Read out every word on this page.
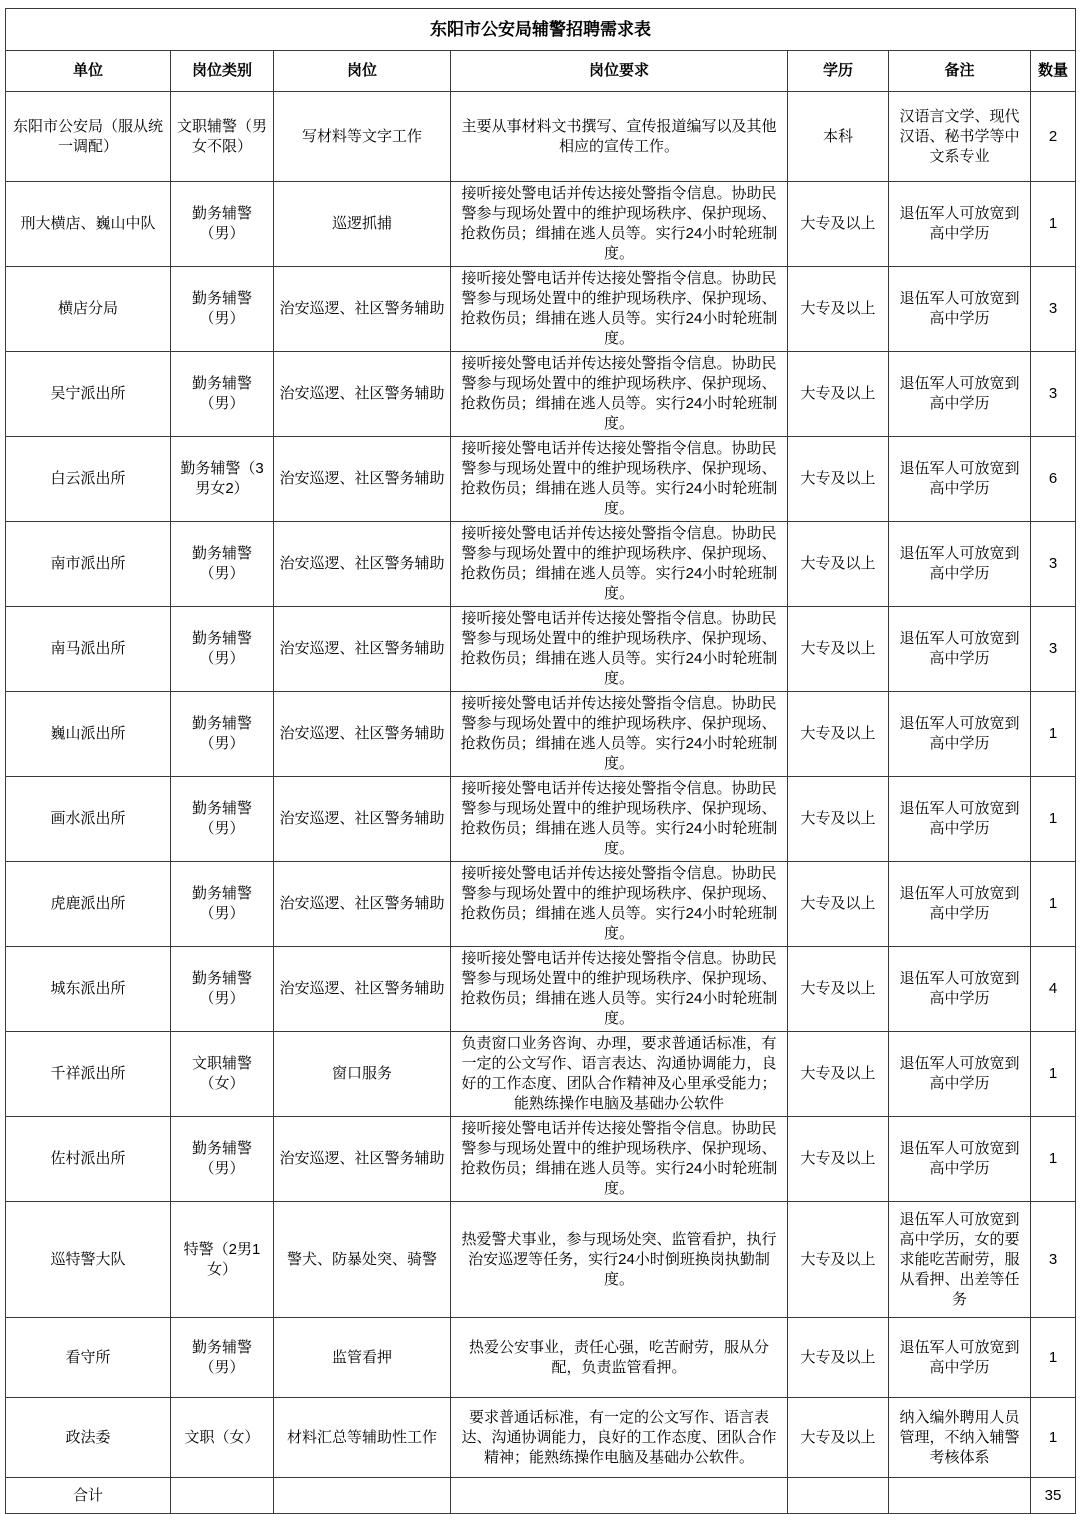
东阳市公安局辅警招聘需求表						
单位	岗位类别	岗位	岗位要求	学历	备注	数量

东阳市公安局（服从统一调配）	文职辅警（男女不限）	写材料等文字工作	主要从事材料文书撰写、宣传报道编写以及其他相应的宣传工作。	本科	汉语言文学、现代汉语、秘书学等中文系专业	2

刑大横店、巍山中队	勤务辅警（男）	巡逻抓捕	接听接处警电话并传达接处警指令信息。协助民警参与现场处置中的维护现场秩序、保护现场、抢救伤员；缉捕在逃人员等。实行24小时轮班制度。	大专及以上	退伍军人可放宽到高中学历	1

横店分局	勤务辅警（男）	治安巡逻、社区警务辅助	接听接处警电话并传达接处警指令信息。协助民警参与现场处置中的维护现场秩序、保护现场、抢救伤员；缉捕在逃人员等。实行24小时轮班制度。	大专及以上	退伍军人可放宽到高中学历	3

吴宁派出所	勤务辅警（男）	治安巡逻、社区警务辅助	接听接处警电话并传达接处警指令信息。协助民警参与现场处置中的维护现场秩序、保护现场、抢救伤员；缉捕在逃人员等。实行24小时轮班制度。	大专及以上	退伍军人可放宽到高中学历	3

白云派出所	勤务辅警（3男女2）	治安巡逻、社区警务辅助	接听接处警电话并传达接处警指令信息。协助民警参与现场处置中的维护现场秩序、保护现场、抢救伤员；缉捕在逃人员等。实行24小时轮班制度。	大专及以上	退伍军人可放宽到高中学历	6

南市派出所	勤务辅警（男）	治安巡逻、社区警务辅助	接听接处警电话并传达接处警指令信息。协助民警参与现场处置中的维护现场秩序、保护现场、抢救伤员；缉捕在逃人员等。实行24小时轮班制度。	大专及以上	退伍军人可放宽到高中学历	3

南马派出所	勤务辅警（男）	治安巡逻、社区警务辅助	接听接处警电话并传达接处警指令信息。协助民警参与现场处置中的维护现场秩序、保护现场、抢救伤员；缉捕在逃人员等。实行24小时轮班制度。	大专及以上	退伍军人可放宽到高中学历	3

巍山派出所	勤务辅警（男）	治安巡逻、社区警务辅助	接听接处警电话并传达接处警指令信息。协助民警参与现场处置中的维护现场秩序、保护现场、抢救伤员；缉捕在逃人员等。实行24小时轮班制度。	大专及以上	退伍军人可放宽到高中学历	1

画水派出所	勤务辅警（男）	治安巡逻、社区警务辅助	接听接处警电话并传达接处警指令信息。协助民警参与现场处置中的维护现场秩序、保护现场、抢救伤员；缉捕在逃人员等。实行24小时轮班制度。	大专及以上	退伍军人可放宽到高中学历	1

虎鹿派出所	勤务辅警（男）	治安巡逻、社区警务辅助	接听接处警电话并传达接处警指令信息。协助民警参与现场处置中的维护现场秩序、保护现场、抢救伤员；缉捕在逃人员等。实行24小时轮班制度。	大专及以上	退伍军人可放宽到高中学历	1

城东派出所	勤务辅警（男）	治安巡逻、社区警务辅助	接听接处警电话并传达接处警指令信息。协助民警参与现场处置中的维护现场秩序、保护现场、抢救伤员；缉捕在逃人员等。实行24小时轮班制度。	大专及以上	退伍军人可放宽到高中学历	4

千祥派出所	文职辅警（女）	窗口服务	负责窗口业务咨询、办理，要求普通话标准，有一定的公文写作、语言表达、沟通协调能力，良好的工作态度、团队合作精神及心里承受能力；能熟练操作电脑及基础办公软件	大专及以上	退伍军人可放宽到高中学历	1

佐村派出所	勤务辅警（男）	治安巡逻、社区警务辅助	接听接处警电话并传达接处警指令信息。协助民警参与现场处置中的维护现场秩序、保护现场、抢救伤员；缉捕在逃人员等。实行24小时轮班制度。	大专及以上	退伍军人可放宽到高中学历	1

巡特警大队	特警（2男1女）	警犬、防暴处突、骑警	热爱警犬事业，参与现场处突、监管看护，执行治安巡逻等任务，实行24小时倒班换岗执勤制度。	大专及以上	退伍军人可放宽到高中学历，女的要求能吃苦耐劳，服从看押、出差等任务	3

看守所	勤务辅警（男）	监管看押	热爱公安事业，责任心强，吃苦耐劳，服从分配，负责监管看押。	大专及以上	退伍军人可放宽到高中学历	1

政法委	文职（女）	材料汇总等辅助性工作	要求普通话标准，有一定的公文写作、语言表达、沟通协调能力，良好的工作态度、团队合作精神；能熟练操作电脑及基础办公软件。	大专及以上	纳入编外聘用人员管理，不纳入辅警考核体系	1

合计						35
